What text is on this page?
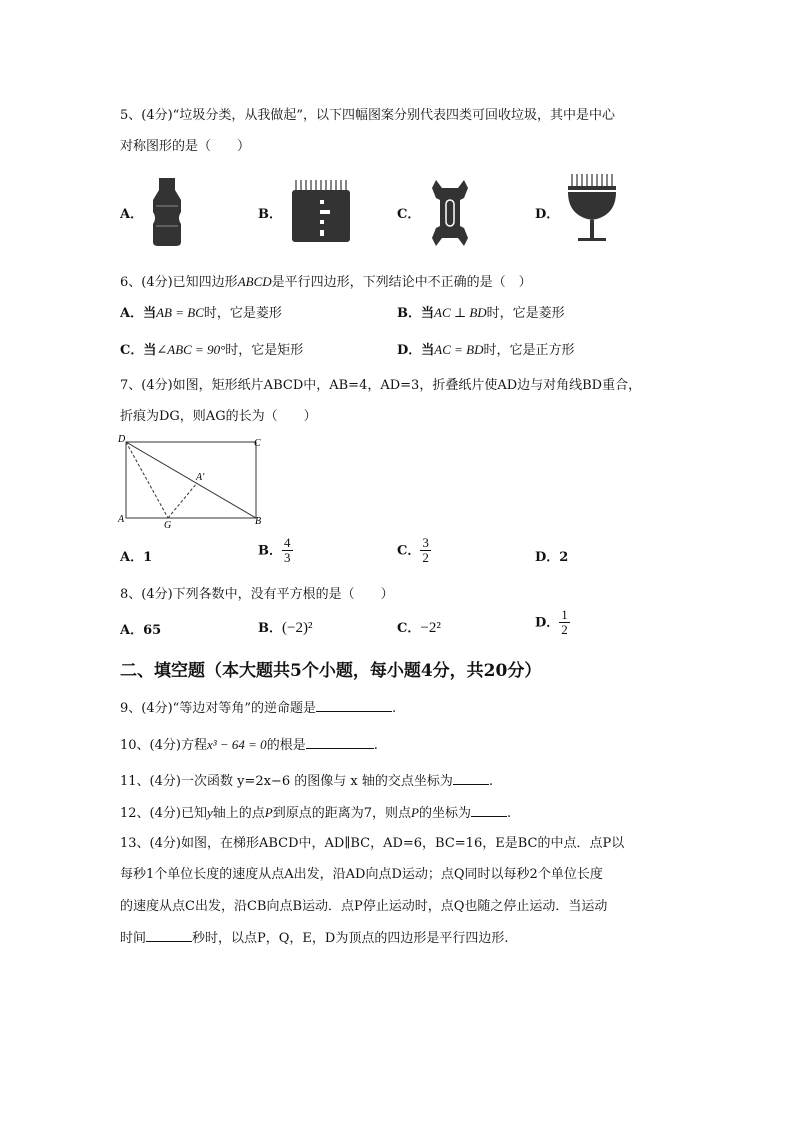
5、(4分)“垃圾分类，从我做起”，以下四幅图案分别代表四类可回收垃圾，其中是中心
对称图形的是（　　）
A．	B．	C．	D．
6、(4分)已知四边形ABCD是平行四边形，下列结论中不正确的是（　）
A．当AB = BC时，它是菱形	B．当AC ⊥ BD时，它是菱形
C．当∠ABC = 90°时，它是矩形	D．当AC = BD时，它是正方形
7、(4分)如图，矩形纸片ABCD中，AB=4，AD=3，折叠纸片使AD边与对角线BD重合，
折痕为DG，则AG的长为（　　）
D	C
A	B
G
A′
A．1	B． $\frac{4}{3}$	C． $\frac{3}{2}$	D．2
8、(4分)下列各数中，没有平方根的是（　　）
A．65	B．(−2)²	C．−2²	D． $\frac{1}{2}$
二、填空题（本大题共5个小题，每小题4分，共20分）
9、(4分)“等边对等角”的逆命题是	.
10、(4分)方程x³ − 64 = 0的根是	.
11、(4分)一次函数 y=2x−6 的图像与 x 轴的交点坐标为	.
12、(4分)已知y轴上的点P到原点的距离为7，则点P的坐标为	.
13、(4分)如图，在梯形ABCD中，AD∥BC，AD=6，BC=16，E是BC的中点．点P以
每秒1个单位长度的速度从点A出发，沿AD向点D运动；点Q同时以每秒2个单位长度
的速度从点C出发，沿CB向点B运动．点P停止运动时，点Q也随之停止运动．当运动
时间	秒时，以点P，Q，E，D为顶点的四边形是平行四边形.
